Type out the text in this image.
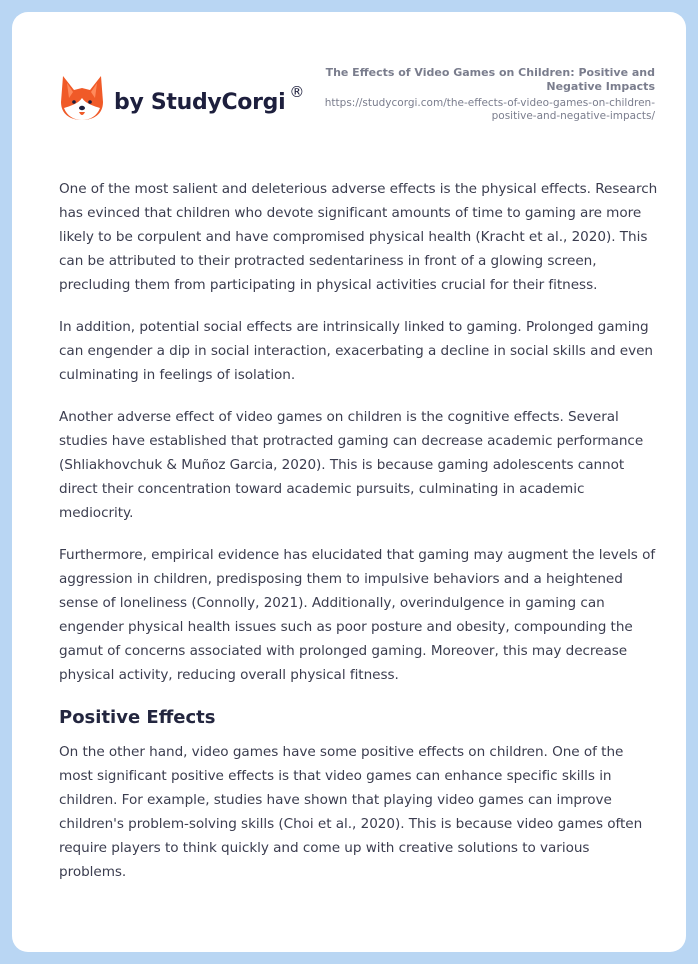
by StudyCorgi ®
The Effects of Video Games on Children: Positive and Negative Impacts
https://studycorgi.com/the-effects-of-video-games-on-children-positive-and-negative-impacts/

One of the most salient and deleterious adverse effects is the physical effects. Research has evinced that children who devote significant amounts of time to gaming are more likely to be corpulent and have compromised physical health (Kracht et al., 2020). This can be attributed to their protracted sedentariness in front of a glowing screen, precluding them from participating in physical activities crucial for their fitness.

In addition, potential social effects are intrinsically linked to gaming. Prolonged gaming can engender a dip in social interaction, exacerbating a decline in social skills and even culminating in feelings of isolation.

Another adverse effect of video games on children is the cognitive effects. Several studies have established that protracted gaming can decrease academic performance (Shliakhovchuk & Muñoz Garcia, 2020). This is because gaming adolescents cannot direct their concentration toward academic pursuits, culminating in academic mediocrity.

Furthermore, empirical evidence has elucidated that gaming may augment the levels of aggression in children, predisposing them to impulsive behaviors and a heightened sense of loneliness (Connolly, 2021). Additionally, overindulgence in gaming can engender physical health issues such as poor posture and obesity, compounding the gamut of concerns associated with prolonged gaming. Moreover, this may decrease physical activity, reducing overall physical fitness.

Positive Effects

On the other hand, video games have some positive effects on children. One of the most significant positive effects is that video games can enhance specific skills in children. For example, studies have shown that playing video games can improve children's problem-solving skills (Choi et al., 2020). This is because video games often require players to think quickly and come up with creative solutions to various problems.
